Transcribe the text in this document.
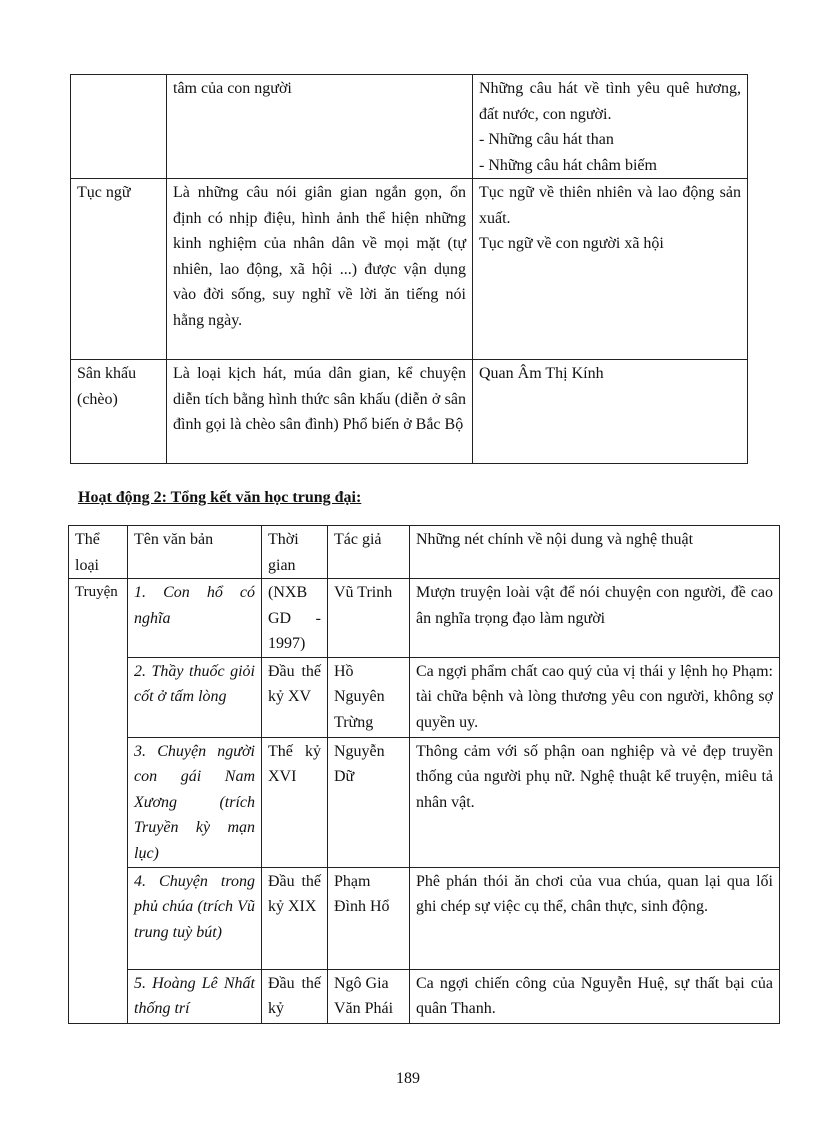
	tâm của con người	Những câu hát về tình yêu quê hương, đất nước, con người.
- Những câu hát than
- Những câu hát châm biếm

Tục ngữ	Là những câu nói giân gian ngắn gọn, ổn định có nhịp điệu, hình ảnh thể hiện những kinh nghiệm của nhân dân về mọi mặt (tự nhiên, lao động, xã hội ...) được vận dụng vào đời sống, suy nghĩ về lời ăn tiếng nói hằng ngày.	Tục ngữ về thiên nhiên và lao động sản xuất.
Tục ngữ về con người xã hội

Sân khấu (chèo)	Là loại kịch hát, múa dân gian, kể chuyện diễn tích bằng hình thức sân khấu (diễn ở sân đình gọi là chèo sân đình) Phổ biến ở Bắc Bộ	Quan Âm Thị Kính
Hoạt động 2: Tổng kết văn học trung đại:
Thể loại	Tên văn bản	Thời gian	Tác giả	Những nét chính về nội dung và nghệ thuật
Truyện	1. Con hổ có nghĩa	(NXB GD - 1997)	Vũ Trinh	Mượn truyện loài vật để nói chuyện con người, đề cao ân nghĩa trọng đạo làm người
	2. Thầy thuốc giỏi cốt ở tấm lòng	Đầu thế kỷ XV	Hồ Nguyên Trừng	Ca ngợi phẩm chất cao quý của vị thái y lệnh họ Phạm: tài chữa bệnh và lòng thương yêu con người, không sợ quyền uy.
	3. Chuyện người con gái Nam Xương (trích Truyền kỳ mạn lục)	Thế kỷ XVI	Nguyễn Dữ	Thông cảm với số phận oan nghiệp và vẻ đẹp truyền thống của người phụ nữ. Nghệ thuật kể truyện, miêu tả nhân vật.
	4. Chuyện trong phủ chúa (trích Vũ trung tuỳ bút)	Đầu thế kỷ XIX	Phạm Đình Hổ	Phê phán thói ăn chơi của vua chúa, quan lại qua lối ghi chép sự việc cụ thể, chân thực, sinh động.
	5. Hoàng Lê Nhất thống trí	Đầu thế kỷ	Ngô Gia Văn Phái	Ca ngợi chiến công của Nguyễn Huệ, sự thất bại của quân Thanh.
189
